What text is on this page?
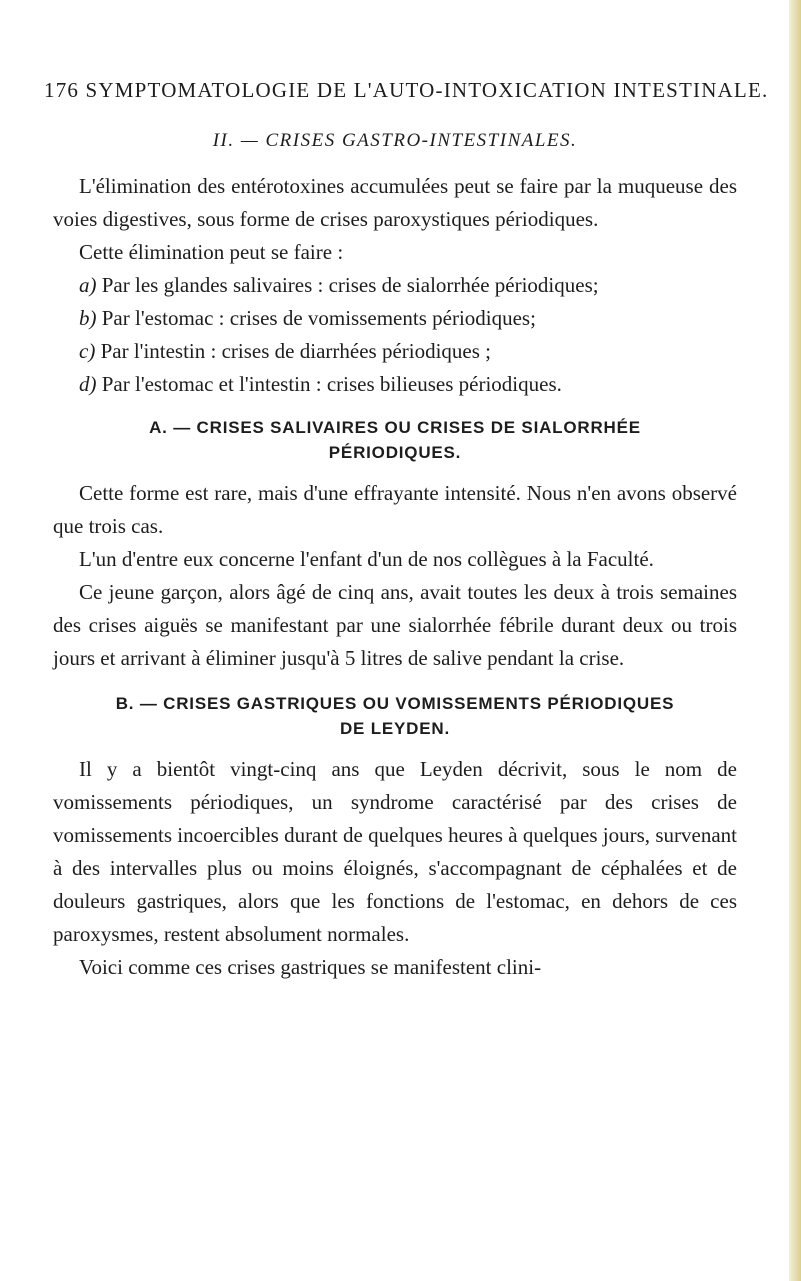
176 SYMPTOMATOLOGIE DE L'AUTO-INTOXICATION INTESTINALE.
II. — CRISES GASTRO-INTESTINALES.

L'élimination des entérotoxines accumulées peut se faire par la muqueuse des voies digestives, sous forme de crises paroxystiques périodiques.

Cette élimination peut se faire :

a) Par les glandes salivaires : crises de sialorrhée périodiques;

b) Par l'estomac : crises de vomissements périodiques;

c) Par l'intestin : crises de diarrhées périodiques ;

d) Par l'estomac et l'intestin : crises bilieuses périodiques.

A. — CRISES SALIVAIRES OU CRISES DE SIALORRHÉE
PÉRIODIQUES.

Cette forme est rare, mais d'une effrayante intensité. Nous n'en avons observé que trois cas.

L'un d'entre eux concerne l'enfant d'un de nos collègues à la Faculté.

Ce jeune garçon, alors âgé de cinq ans, avait toutes les deux à trois semaines des crises aiguës se manifestant par une sialorrhée fébrile durant deux ou trois jours et arrivant à éliminer jusqu'à 5 litres de salive pendant la crise.

B. — CRISES GASTRIQUES OU VOMISSEMENTS PÉRIODIQUES
DE LEYDEN.

Il y a bientôt vingt-cinq ans que Leyden décrivit, sous le nom de vomissements périodiques, un syndrome caractérisé par des crises de vomissements incoercibles durant de quelques heures à quelques jours, survenant à des intervalles plus ou moins éloignés, s'accompagnant de céphalées et de douleurs gastriques, alors que les fonctions de l'estomac, en dehors de ces paroxysmes, restent absolument normales.

Voici comme ces crises gastriques se manifestent clini-
